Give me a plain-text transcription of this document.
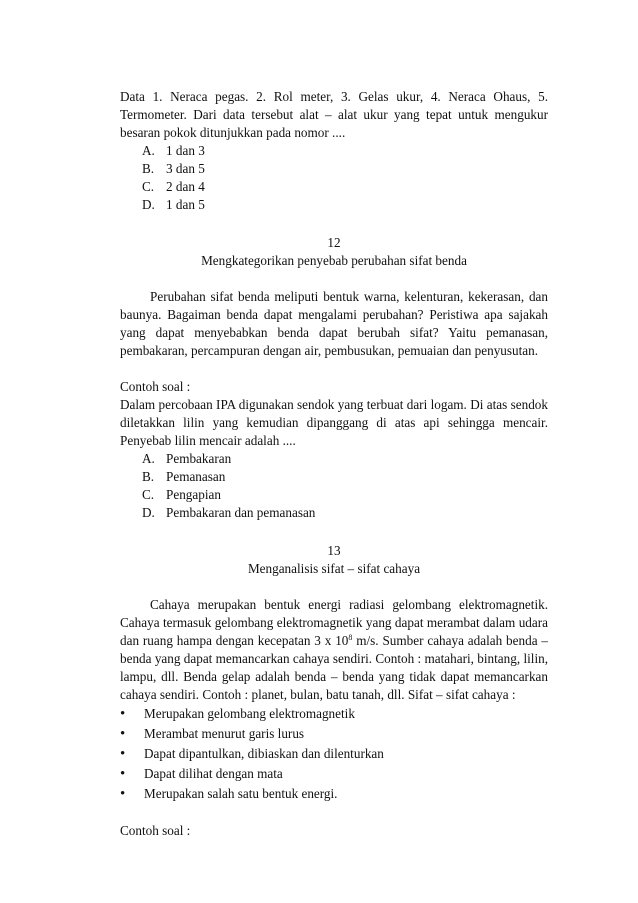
Data 1. Neraca pegas. 2. Rol meter, 3. Gelas ukur, 4. Neraca Ohaus, 5.

Termometer. Dari data tersebut alat – alat ukur yang tepat untuk mengukur

besaran pokok ditunjukkan pada nomor ....

A. 1 dan 3
B. 3 dan 5
C. 2 dan 4
D. 1 dan 5
12
Mengkategorikan penyebab perubahan sifat benda

Perubahan sifat benda meliputi bentuk warna, kelenturan, kekerasan, dan

baunya. Bagaiman benda dapat mengalami perubahan? Peristiwa apa sajakah

yang dapat menyebabkan benda dapat berubah sifat? Yaitu pemanasan,

pembakaran, percampuran dengan air, pembusukan, pemuaian dan penyusutan.

Contoh soal :

Dalam percobaan IPA digunakan sendok yang terbuat dari logam. Di atas sendok

diletakkan lilin yang kemudian dipanggang di atas api sehingga mencair.

Penyebab lilin mencair adalah ....

A. Pembakaran
B. Pemanasan
C. Pengapian
D. Pembakaran dan pemanasan
13
Menganalisis sifat – sifat cahaya

Cahaya merupakan bentuk energi radiasi gelombang elektromagnetik.

Cahaya termasuk gelombang elektromagnetik yang dapat merambat dalam udara

dan ruang hampa dengan kecepatan 3 x $10^8$ m/s. Sumber cahaya adalah benda –

benda yang dapat memancarkan cahaya sendiri. Contoh : matahari, bintang, lilin,

lampu, dll. Benda gelap adalah benda – benda yang tidak dapat memancarkan

cahaya sendiri. Contoh : planet, bulan, batu tanah, dll. Sifat – sifat cahaya :

•	Merupakan gelombang elektromagnetik
•	Merambat menurut garis lurus
•	Dapat dipantulkan, dibiaskan dan dilenturkan
•	Dapat dilihat dengan mata
•	Merupakan salah satu bentuk energi.

Contoh soal :
